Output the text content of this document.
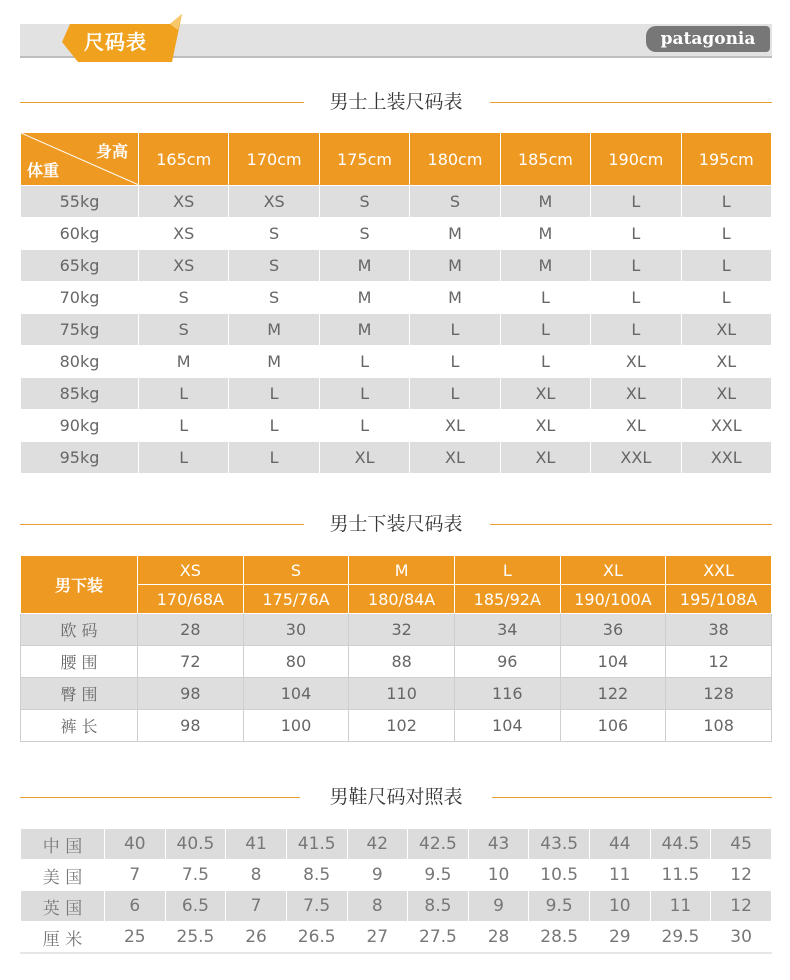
尺码表	patagonia
男士上装尺码表
身高
体重	165cm	170cm	175cm	180cm	185cm	190cm	195cm
55kg	XS	XS	S	S	M	L	L
60kg	XS	S	S	M	M	L	L
65kg	XS	S	M	M	M	L	L
70kg	S	S	M	M	L	L	L
75kg	S	M	M	L	L	L	XL
80kg	M	M	L	L	L	XL	XL
85kg	L	L	L	L	XL	XL	XL
90kg	L	L	L	XL	XL	XL	XXL
95kg	L	L	XL	XL	XL	XXL	XXL
男士下装尺码表
男下装	XS	S	M	L	XL	XXL
	170/68A	175/76A	180/84A	185/92A	190/100A	195/108A
欧 码	28	30	32	34	36	38
腰 围	72	80	88	96	104	12
臀 围	98	104	110	116	122	128
裤 长	98	100	102	104	106	108
男鞋尺码对照表
中 国	40	40.5	41	41.5	42	42.5	43	43.5	44	44.5	45
美 国	7	7.5	8	8.5	9	9.5	10	10.5	11	11.5	12
英 国	6	6.5	7	7.5	8	8.5	9	9.5	10	11	12
厘 米	25	25.5	26	26.5	27	27.5	28	28.5	29	29.5	30
